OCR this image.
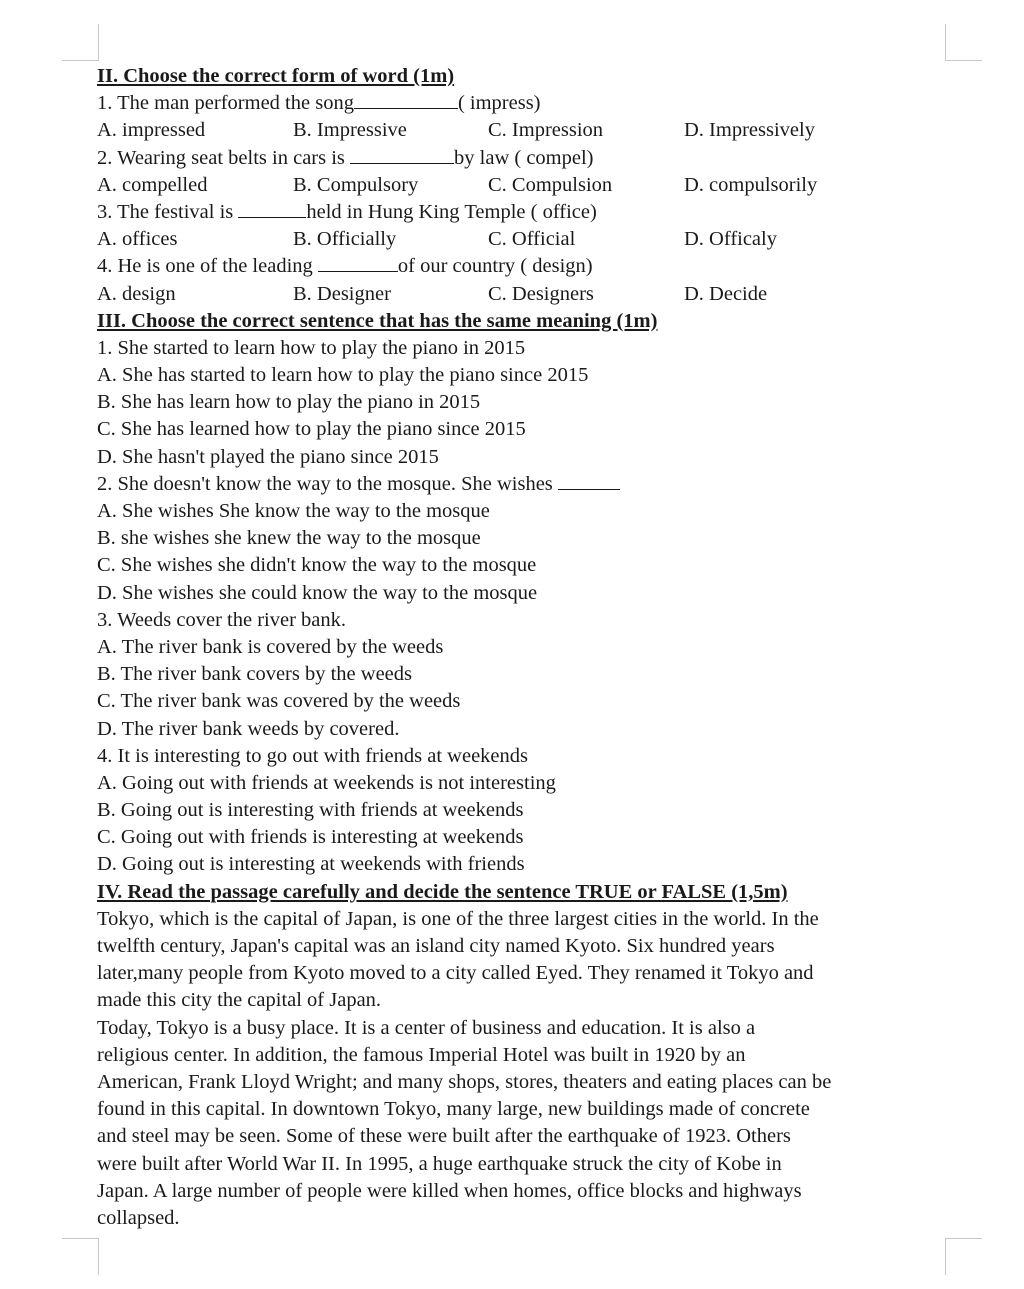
II. Choose the correct form of word (1m)
1. The man performed the song	( impress)
A. impressed	B. Impressive	C. Impression	D. Impressively
2. Wearing seat belts in cars is	by law ( compel)
A. compelled	B. Compulsory	C. Compulsion	D. compulsorily
3. The festival is	held in Hung King Temple ( office)
A. offices	B. Officially	C. Official	D. Officaly
4. He is one of the leading	of our country ( design)
A. design	B. Designer	C. Designers	D. Decide
III. Choose the correct sentence that has the same meaning (1m)
1. She started to learn how to play the piano in 2015
A. She has started to learn how to play the piano since 2015
B. She has learn how to play the piano in 2015
C. She has learned how to play the piano since 2015
D. She hasn't played the piano since 2015
2. She doesn't know the way to the mosque. She wishes
A. She wishes She know the way to the mosque
B. she wishes she knew the way to the mosque
C. She wishes she didn't know the way to the mosque
D. She wishes she could know the way to the mosque
3. Weeds cover the river bank.
A. The river bank is covered by the weeds
B. The river bank covers by the weeds
C. The river bank was covered by the weeds
D. The river bank weeds by covered.
4. It is interesting to go out with friends at weekends
A. Going out with friends at weekends is not interesting
B. Going out is interesting with friends at weekends
C. Going out with friends is interesting at weekends
D. Going out is interesting at weekends with friends
IV. Read the passage carefully and decide the sentence TRUE or FALSE (1,5m)
Tokyo, which is the capital of Japan, is one of the three largest cities in the world. In the
twelfth century, Japan's capital was an island city named Kyoto. Six hundred years
later,many people from Kyoto moved to a city called Eyed. They renamed it Tokyo and
made this city the capital of Japan.
Today, Tokyo is a busy place. It is a center of business and education. It is also a
religious center. In addition, the famous Imperial Hotel was built in 1920 by an
American, Frank Lloyd Wright; and many shops, stores, theaters and eating places can be
found in this capital. In downtown Tokyo, many large, new buildings made of concrete
and steel may be seen. Some of these were built after the earthquake of 1923. Others
were built after World War II. In 1995, a huge earthquake struck the city of Kobe in
Japan. A large number of people were killed when homes, office blocks and highways
collapsed.
